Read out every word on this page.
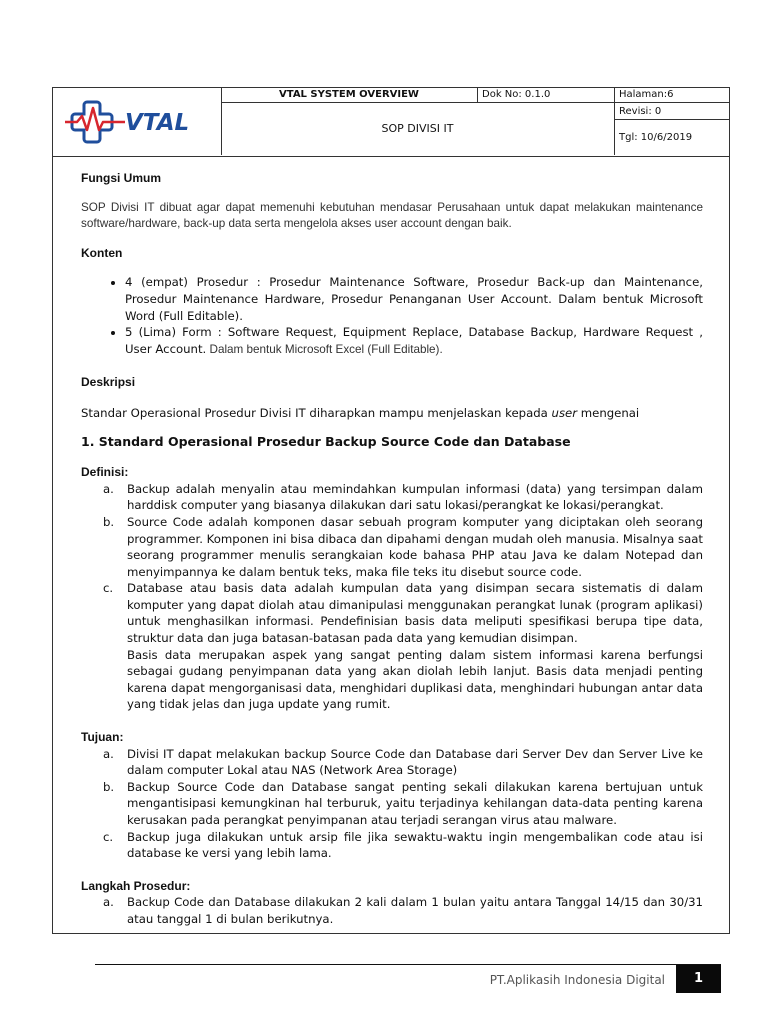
VTAL
VTAL SYSTEM OVERVIEW	Dok No: 0.1.0	Halaman:6
SOP DIVISI IT
Revisi: 0
Tgl: 10/6/2019

Fungsi Umum

SOP Divisi IT dibuat agar dapat memenuhi kebutuhan mendasar Perusahaan untuk dapat melakukan maintenance software/hardware, back-up data serta mengelola akses user account dengan baik.

Konten

• 4 (empat) Prosedur : Prosedur Maintenance Software, Prosedur Back-up dan Maintenance, Prosedur Maintenance Hardware, Prosedur Penanganan User Account. Dalam bentuk Microsoft Word (Full Editable).
• 5 (Lima) Form : Software Request, Equipment Replace, Database Backup, Hardware Request , User Account. Dalam bentuk Microsoft Excel (Full Editable).

Deskripsi

Standar Operasional Prosedur Divisi IT diharapkan mampu menjelaskan kepada user mengenai

1. Standard Operasional Prosedur Backup Source Code dan Database

Definisi:

a. Backup adalah menyalin atau memindahkan kumpulan informasi (data) yang tersimpan dalam harddisk computer yang biasanya dilakukan dari satu lokasi/perangkat ke lokasi/perangkat.
b. Source Code adalah komponen dasar sebuah program komputer yang diciptakan oleh seorang programmer. Komponen ini bisa dibaca dan dipahami dengan mudah oleh manusia. Misalnya saat seorang programmer menulis serangkaian kode bahasa PHP atau Java ke dalam Notepad dan menyimpannya ke dalam bentuk teks, maka file teks itu disebut source code.
c. Database atau basis data adalah kumpulan data yang disimpan secara sistematis di dalam komputer yang dapat diolah atau dimanipulasi menggunakan perangkat lunak (program aplikasi) untuk menghasilkan informasi. Pendefinisian basis data meliputi spesifikasi berupa tipe data, struktur data dan juga batasan-batasan pada data yang kemudian disimpan.
Basis data merupakan aspek yang sangat penting dalam sistem informasi karena berfungsi sebagai gudang penyimpanan data yang akan diolah lebih lanjut. Basis data menjadi penting karena dapat mengorganisasi data, menghidari duplikasi data, menghindari hubungan antar data yang tidak jelas dan juga update yang rumit.

Tujuan:

a. Divisi IT dapat melakukan backup Source Code dan Database dari Server Dev dan Server Live ke dalam computer Lokal atau NAS (Network Area Storage)
b. Backup Source Code dan Database sangat penting sekali dilakukan karena bertujuan untuk mengantisipasi kemungkinan hal terburuk, yaitu terjadinya kehilangan data-data penting karena kerusakan pada perangkat penyimpanan atau terjadi serangan virus atau malware.
c. Backup juga dilakukan untuk arsip file jika sewaktu-waktu ingin mengembalikan code atau isi database ke versi yang lebih lama.

Langkah Prosedur:

a. Backup Code dan Database dilakukan 2 kali dalam 1 bulan yaitu antara Tanggal 14/15 dan 30/31 atau tanggal 1 di bulan berikutnya.
PT.Aplikasih Indonesia Digital	1
